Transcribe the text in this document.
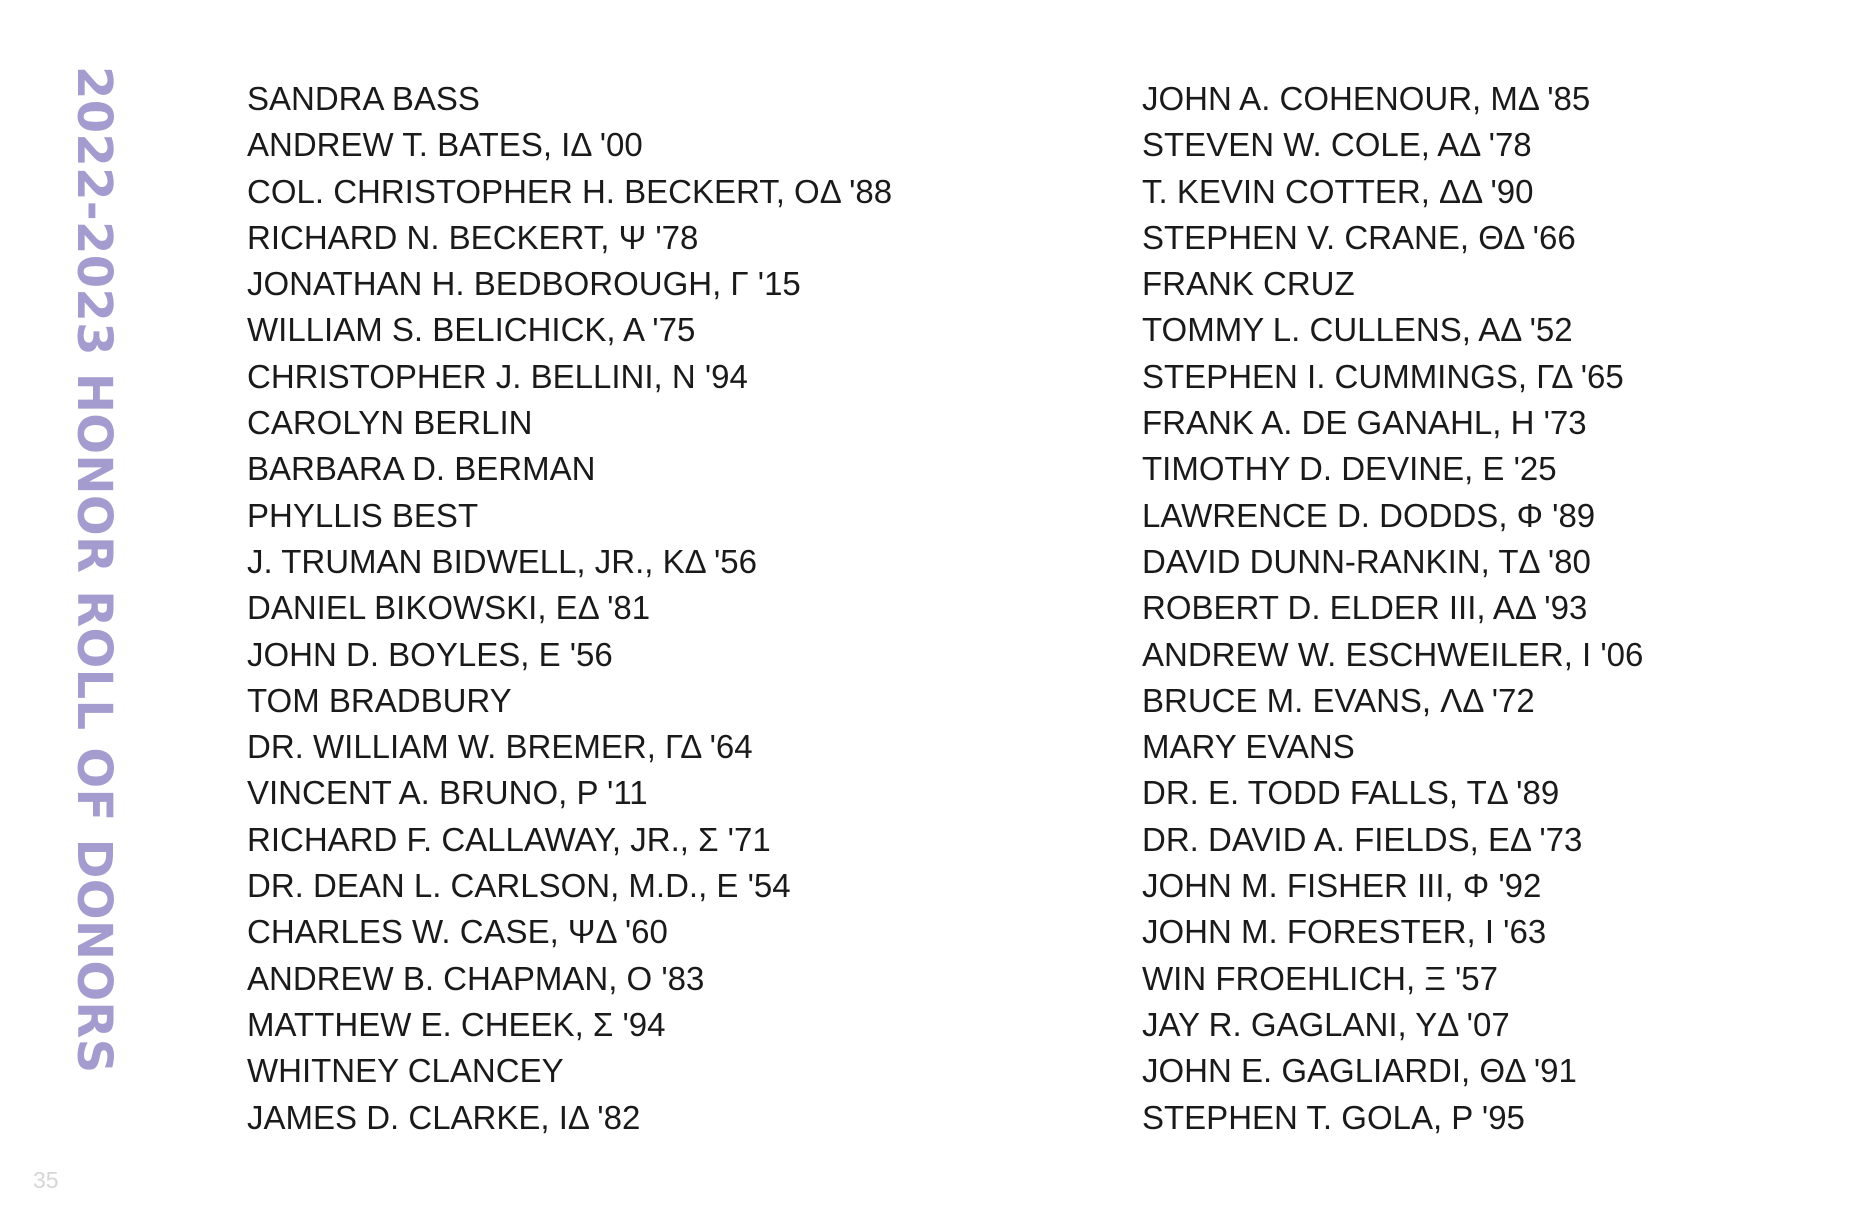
2022-2023 HONOR ROLL OF DONORS	SANDRA BASS
ANDREW T. BATES, IΔ '00
COL. CHRISTOPHER H. BECKERT, OΔ '88
RICHARD N. BECKERT, Ψ '78
JONATHAN H. BEDBOROUGH, Γ '15
WILLIAM S. BELICHICK, A '75
CHRISTOPHER J. BELLINI, N '94
CAROLYN BERLIN
BARBARA D. BERMAN
PHYLLIS BEST
J. TRUMAN BIDWELL, JR., KΔ '56
DANIEL BIKOWSKI, EΔ '81
JOHN D. BOYLES, E '56
TOM BRADBURY
DR. WILLIAM W. BREMER, ΓΔ '64
VINCENT A. BRUNO, P '11
RICHARD F. CALLAWAY, JR., Σ '71
DR. DEAN L. CARLSON, M.D., E '54
CHARLES W. CASE, ΨΔ '60
ANDREW B. CHAPMAN, O '83
MATTHEW E. CHEEK, Σ '94
WHITNEY CLANCEY
JAMES D. CLARKE, IΔ '82
JOHN A. COHENOUR, MΔ '85
STEVEN W. COLE, AΔ '78
T. KEVIN COTTER, ΔΔ '90
STEPHEN V. CRANE, ΘΔ '66
FRANK CRUZ
TOMMY L. CULLENS, AΔ '52
STEPHEN I. CUMMINGS, ΓΔ '65
FRANK A. DE GANAHL, H '73
TIMOTHY D. DEVINE, E '25
LAWRENCE D. DODDS, Φ '89
DAVID DUNN-RANKIN, TΔ '80
ROBERT D. ELDER III, AΔ '93
ANDREW W. ESCHWEILER, I '06
BRUCE M. EVANS, ΛΔ '72
MARY EVANS
DR. E. TODD FALLS, TΔ '89
DR. DAVID A. FIELDS, EΔ '73
JOHN M. FISHER III, Φ '92
JOHN M. FORESTER, I '63
WIN FROEHLICH, Ξ '57
JAY R. GAGLANI, YΔ '07
JOHN E. GAGLIARDI, ΘΔ '91
STEPHEN T. GOLA, P '95
35
